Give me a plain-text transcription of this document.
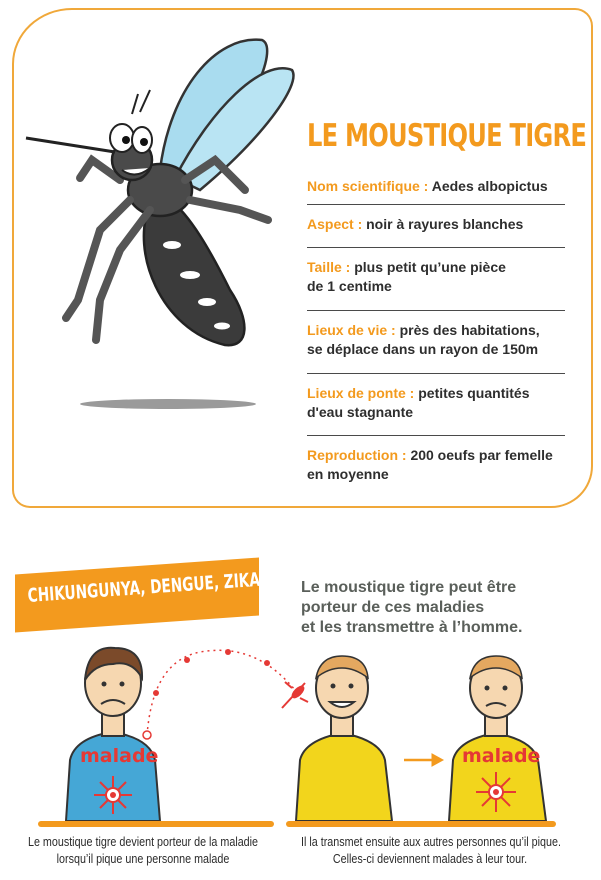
LE MOUSTIQUE TIGRE
Nom scientifique : Aedes albopictus
Aspect : noir à rayures blanches
Taille : plus petit qu’une pièce
de 1 centime
Lieux de vie : près des habitations,
se déplace dans un rayon de 150m
Lieux de ponte : petites quantités
d'eau stagnante
Reproduction : 200 oeufs par femelle
en moyenne
CHIKUNGUNYA, DENGUE, ZIKA	Le moustique tigre peut être
porteur de ces maladies
et les transmettre à l’homme.
malade	malade
Le moustique tigre devient porteur de la maladie
lorsqu’il pique une personne malade
Il la transmet ensuite aux autres personnes qu’il pique.
Celles-ci deviennent malades à leur tour.
